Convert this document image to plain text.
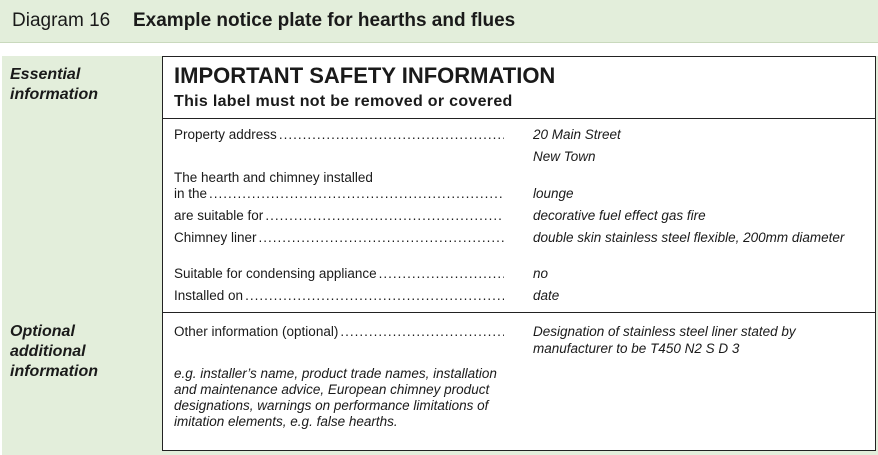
Diagram 16 Example notice plate for hearths and flues
Essential information
Optional additional information
IMPORTANT SAFETY INFORMATION
This label must not be removed or covered
Property address .....	20 Main Street
New Town
The hearth and chimney installed
in the .....	lounge
are suitable for .....	decorative fuel effect gas fire
Chimney liner .....	double skin stainless steel flexible, 200mm diameter
Suitable for condensing appliance .....	no
Installed on .....	date
Other information (optional) .....	Designation of stainless steel liner stated by manufacturer to be T450 N2 S D 3
e.g. installer’s name, product trade names, installation and maintenance advice, European chimney product designations, warnings on performance limitations of imitation elements, e.g. false hearths.
